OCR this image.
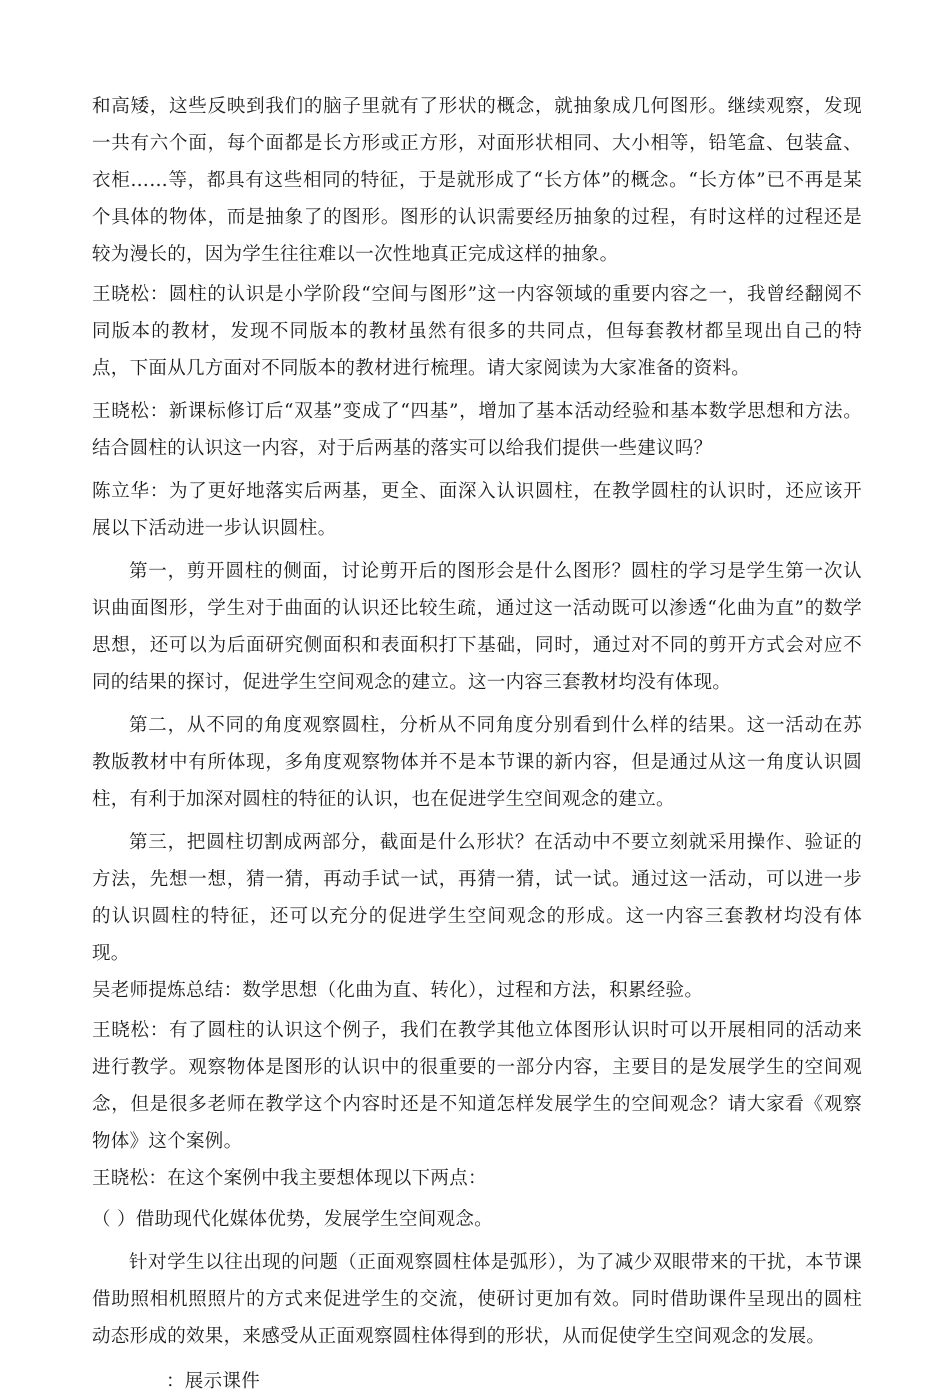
和高矮，这些反映到我们的脑子里就有了形状的概念，就抽象成几何图形。继续观察，发现一共有六个面，每个面都是长方形或正方形，对面形状相同、大小相等，铅笔盒、包装盒、衣柜……等，都具有这些相同的特征，于是就形成了“长方体”的概念。“长方体”已不再是某个具体的物体，而是抽象了的图形。图形的认识需要经历抽象的过程，有时这样的过程还是较为漫长的，因为学生往往难以一次性地真正完成这样的抽象。

王晓松：圆柱的认识是小学阶段“空间与图形”这一内容领域的重要内容之一，我曾经翻阅不同版本的教材，发现不同版本的教材虽然有很多的共同点，但每套教材都呈现出自己的特点，下面从几方面对不同版本的教材进行梳理。请大家阅读为大家准备的资料。

王晓松：新课标修订后“双基”变成了“四基”，增加了基本活动经验和基本数学思想和方法。结合圆柱的认识这一内容，对于后两基的落实可以给我们提供一些建议吗？

陈立华：为了更好地落实后两基，更全、面深入认识圆柱，在教学圆柱的认识时，还应该开展以下活动进一步认识圆柱。

第一，剪开圆柱的侧面，讨论剪开后的图形会是什么图形？圆柱的学习是学生第一次认识曲面图形，学生对于曲面的认识还比较生疏，通过这一活动既可以渗透“化曲为直”的数学思想，还可以为后面研究侧面积和表面积打下基础，同时，通过对不同的剪开方式会对应不同的结果的探讨，促进学生空间观念的建立。这一内容三套教材均没有体现。

第二，从不同的角度观察圆柱，分析从不同角度分别看到什么样的结果。这一活动在苏教版教材中有所体现，多角度观察物体并不是本节课的新内容，但是通过从这一角度认识圆柱，有利于加深对圆柱的特征的认识，也在促进学生空间观念的建立。

第三，把圆柱切割成两部分，截面是什么形状？在活动中不要立刻就采用操作、验证的方法，先想一想，猜一猜，再动手试一试，再猜一猜，试一试。通过这一活动，可以进一步的认识圆柱的特征，还可以充分的促进学生空间观念的形成。这一内容三套教材均没有体现。

吴老师提炼总结：数学思想（化曲为直、转化），过程和方法，积累经验。

王晓松：有了圆柱的认识这个例子，我们在教学其他立体图形认识时可以开展相同的活动来进行教学。观察物体是图形的认识中的很重要的一部分内容，主要目的是发展学生的空间观念，但是很多老师在教学这个内容时还是不知道怎样发展学生的空间观念？请大家看《观察物体》这个案例。

王晓松：在这个案例中我主要想体现以下两点：

（ ）借助现代化媒体优势，发展学生空间观念。

针对学生以往出现的问题（正面观察圆柱体是弧形），为了减少双眼带来的干扰，本节课借助照相机照照片的方式来促进学生的交流，使研讨更加有效。同时借助课件呈现出的圆柱动态形成的效果，来感受从正面观察圆柱体得到的形状，从而促使学生空间观念的发展。

：展示课件
